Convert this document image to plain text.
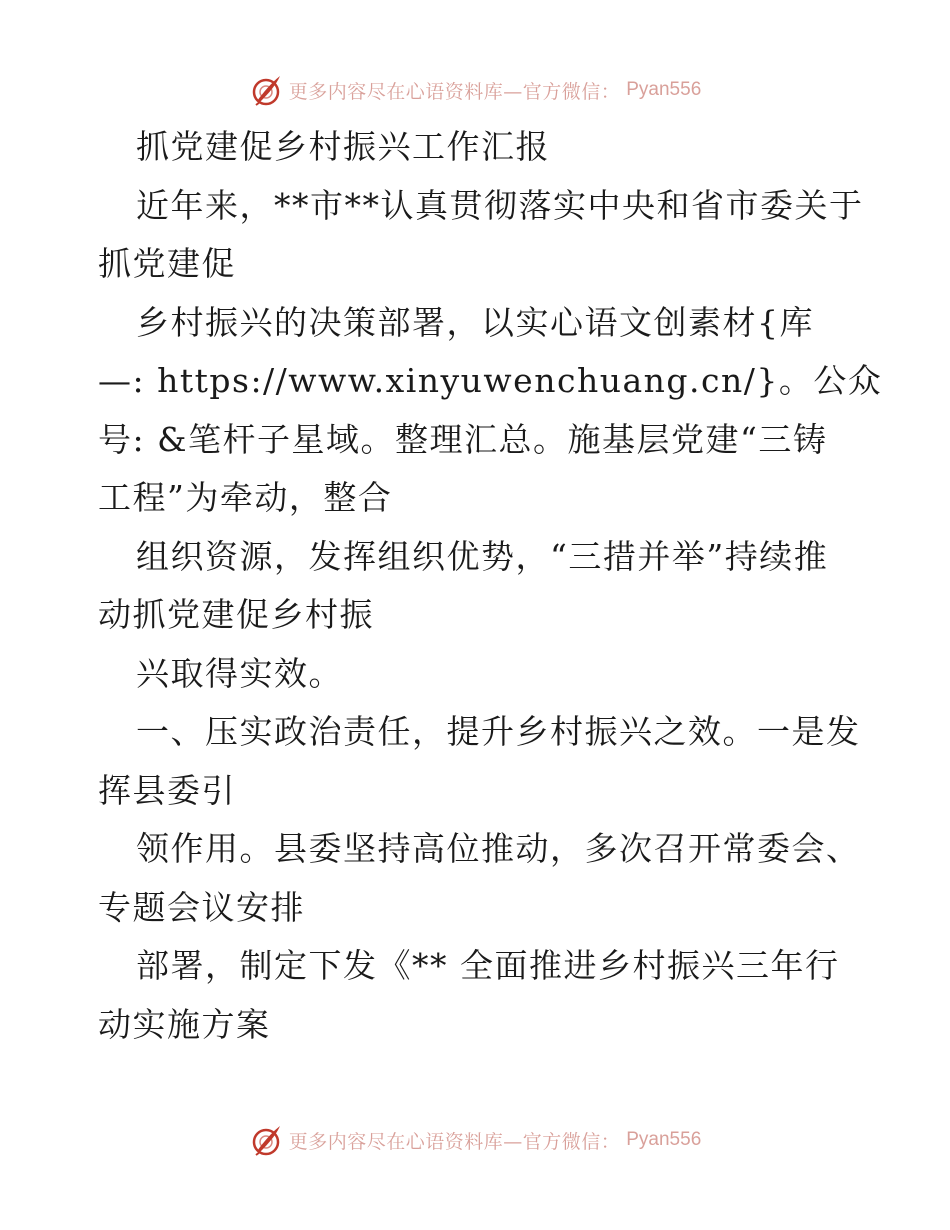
更多内容尽在心语资料库—官方微信： Pyan556
抓党建促乡村振兴工作汇报
近年来，**市**认真贯彻落实中央和省市委关于
抓党建促
乡村振兴的决策部署，以实心语文创素材{库
—: https://www.xinyuwenchuang.cn/}。公众
号: &笔杆子星域。整理汇总。施基层党建“三铸
工程”为牵动，整合
组织资源，发挥组织优势，“三措并举”持续推
动抓党建促乡村振
兴取得实效。
一、压实政治责任，提升乡村振兴之效。一是发
挥县委引
领作用。县委坚持高位推动，多次召开常委会、
专题会议安排
部署，制定下发《** 全面推进乡村振兴三年行
动实施方案
更多内容尽在心语资料库—官方微信： Pyan556
